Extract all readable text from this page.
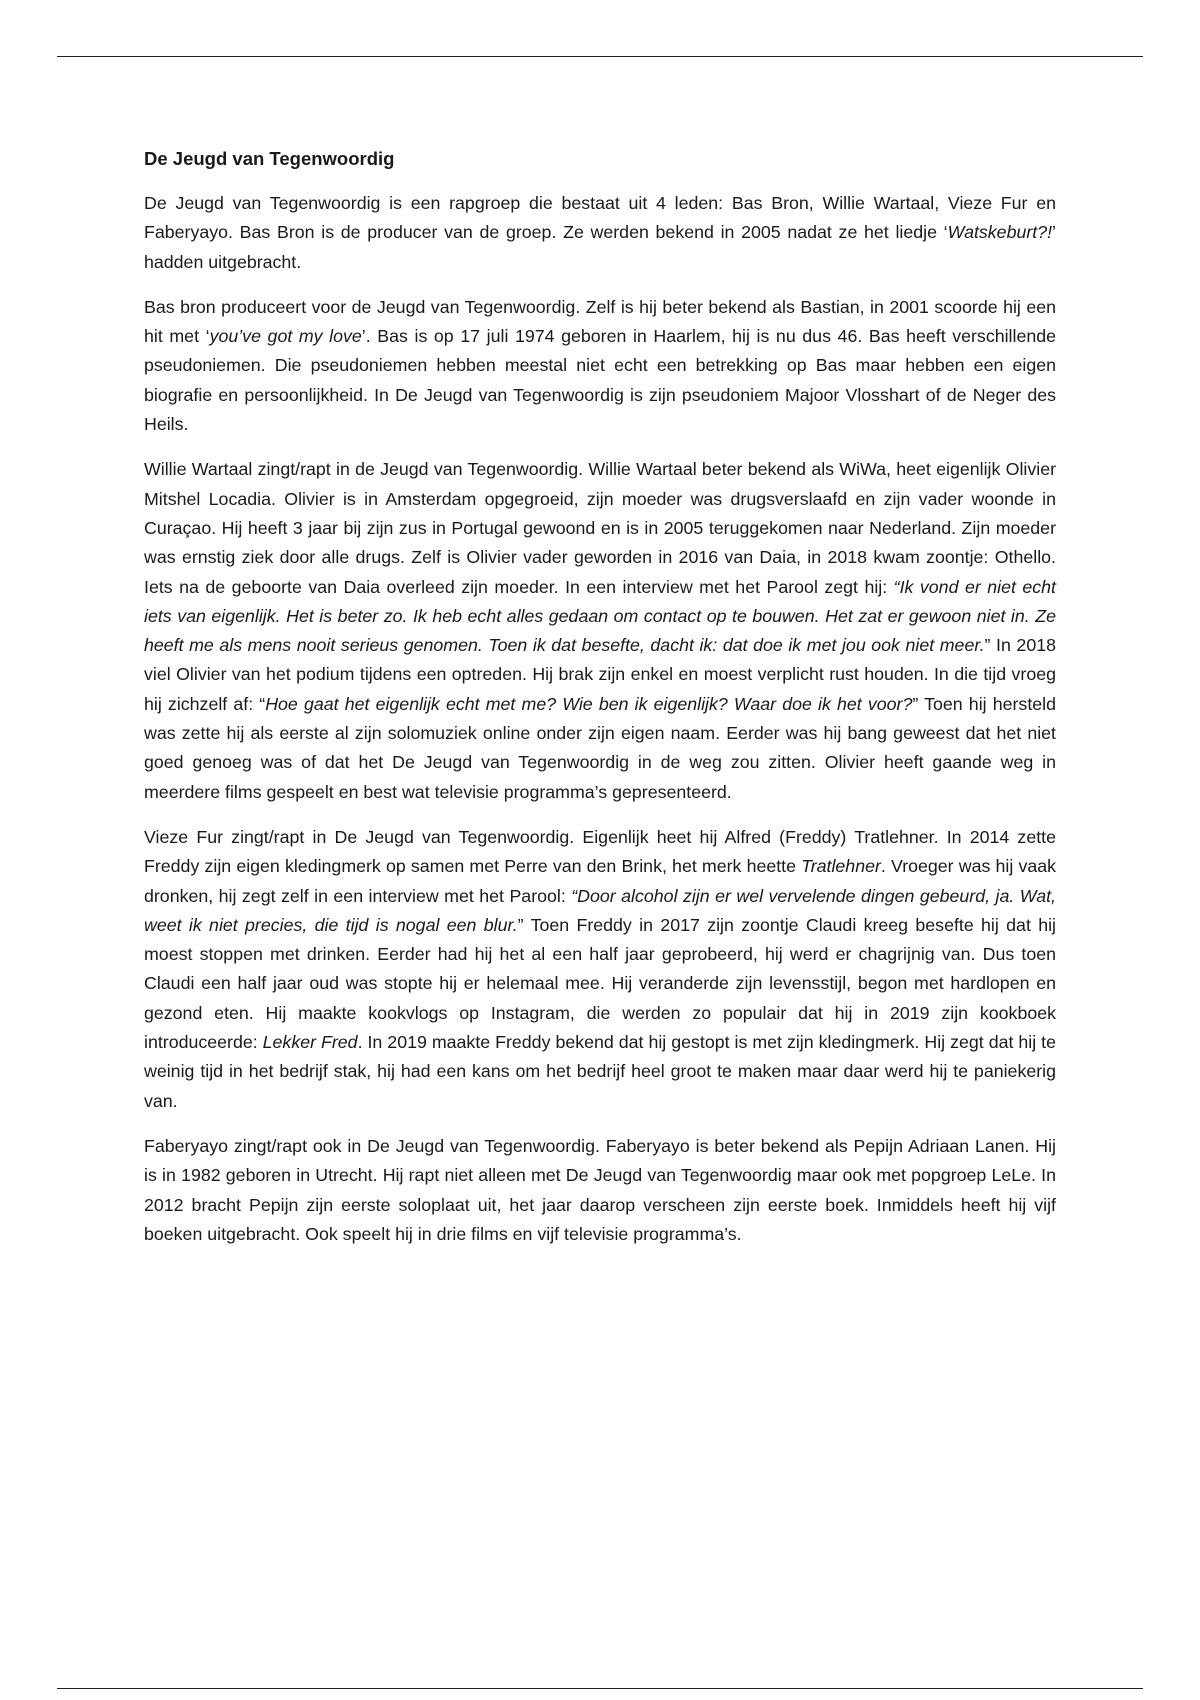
De Jeugd van Tegenwoordig

De Jeugd van Tegenwoordig is een rapgroep die bestaat uit 4 leden: Bas Bron, Willie Wartaal, Vieze Fur en Faberyayo. Bas Bron is de producer van de groep. Ze werden bekend in 2005 nadat ze het liedje ‘Watskeburt?!’ hadden uitgebracht.

Bas bron produceert voor de Jeugd van Tegenwoordig. Zelf is hij beter bekend als Bastian, in 2001 scoorde hij een hit met ‘you’ve got my love’. Bas is op 17 juli 1974 geboren in Haarlem, hij is nu dus 46. Bas heeft verschillende pseudoniemen. Die pseudoniemen hebben meestal niet echt een betrekking op Bas maar hebben een eigen biografie en persoonlijkheid. In De Jeugd van Tegenwoordig is zijn pseudoniem Majoor Vlosshart of de Neger des Heils.

Willie Wartaal zingt/rapt in de Jeugd van Tegenwoordig. Willie Wartaal beter bekend als WiWa, heet eigenlijk Olivier Mitshel Locadia. Olivier is in Amsterdam opgegroeid, zijn moeder was drugsverslaafd en zijn vader woonde in Curaçao. Hij heeft 3 jaar bij zijn zus in Portugal gewoond en is in 2005 teruggekomen naar Nederland. Zijn moeder was ernstig ziek door alle drugs. Zelf is Olivier vader geworden in 2016 van Daia, in 2018 kwam zoontje: Othello. Iets na de geboorte van Daia overleed zijn moeder. In een interview met het Parool zegt hij: “Ik vond er niet echt iets van eigenlijk. Het is beter zo. Ik heb echt alles gedaan om contact op te bouwen. Het zat er gewoon niet in. Ze heeft me als mens nooit serieus genomen. Toen ik dat besefte, dacht ik: dat doe ik met jou ook niet meer.” In 2018 viel Olivier van het podium tijdens een optreden. Hij brak zijn enkel en moest verplicht rust houden. In die tijd vroeg hij zichzelf af: “Hoe gaat het eigenlijk echt met me? Wie ben ik eigenlijk? Waar doe ik het voor?” Toen hij hersteld was zette hij als eerste al zijn solomuziek online onder zijn eigen naam. Eerder was hij bang geweest dat het niet goed genoeg was of dat het De Jeugd van Tegenwoordig in de weg zou zitten. Olivier heeft gaande weg in meerdere films gespeelt en best wat televisie programma’s gepresenteerd.

Vieze Fur zingt/rapt in De Jeugd van Tegenwoordig. Eigenlijk heet hij Alfred (Freddy) Tratlehner. In 2014 zette Freddy zijn eigen kledingmerk op samen met Perre van den Brink, het merk heette Tratlehner. Vroeger was hij vaak dronken, hij zegt zelf in een interview met het Parool: “Door alcohol zijn er wel vervelende dingen gebeurd, ja. Wat, weet ik niet precies, die tijd is nogal een blur.” Toen Freddy in 2017 zijn zoontje Claudi kreeg besefte hij dat hij moest stoppen met drinken. Eerder had hij het al een half jaar geprobeerd, hij werd er chagrijnig van. Dus toen Claudi een half jaar oud was stopte hij er helemaal mee. Hij veranderde zijn levensstijl, begon met hardlopen en gezond eten. Hij maakte kookvlogs op Instagram, die werden zo populair dat hij in 2019 zijn kookboek introduceerde: Lekker Fred. In 2019 maakte Freddy bekend dat hij gestopt is met zijn kledingmerk. Hij zegt dat hij te weinig tijd in het bedrijf stak, hij had een kans om het bedrijf heel groot te maken maar daar werd hij te paniekerig van.

Faberyayo zingt/rapt ook in De Jeugd van Tegenwoordig. Faberyayo is beter bekend als Pepijn Adriaan Lanen. Hij is in 1982 geboren in Utrecht. Hij rapt niet alleen met De Jeugd van Tegenwoordig maar ook met popgroep LeLe. In 2012 bracht Pepijn zijn eerste soloplaat uit, het jaar daarop verscheen zijn eerste boek. Inmiddels heeft hij vijf boeken uitgebracht. Ook speelt hij in drie films en vijf televisie programma’s.
